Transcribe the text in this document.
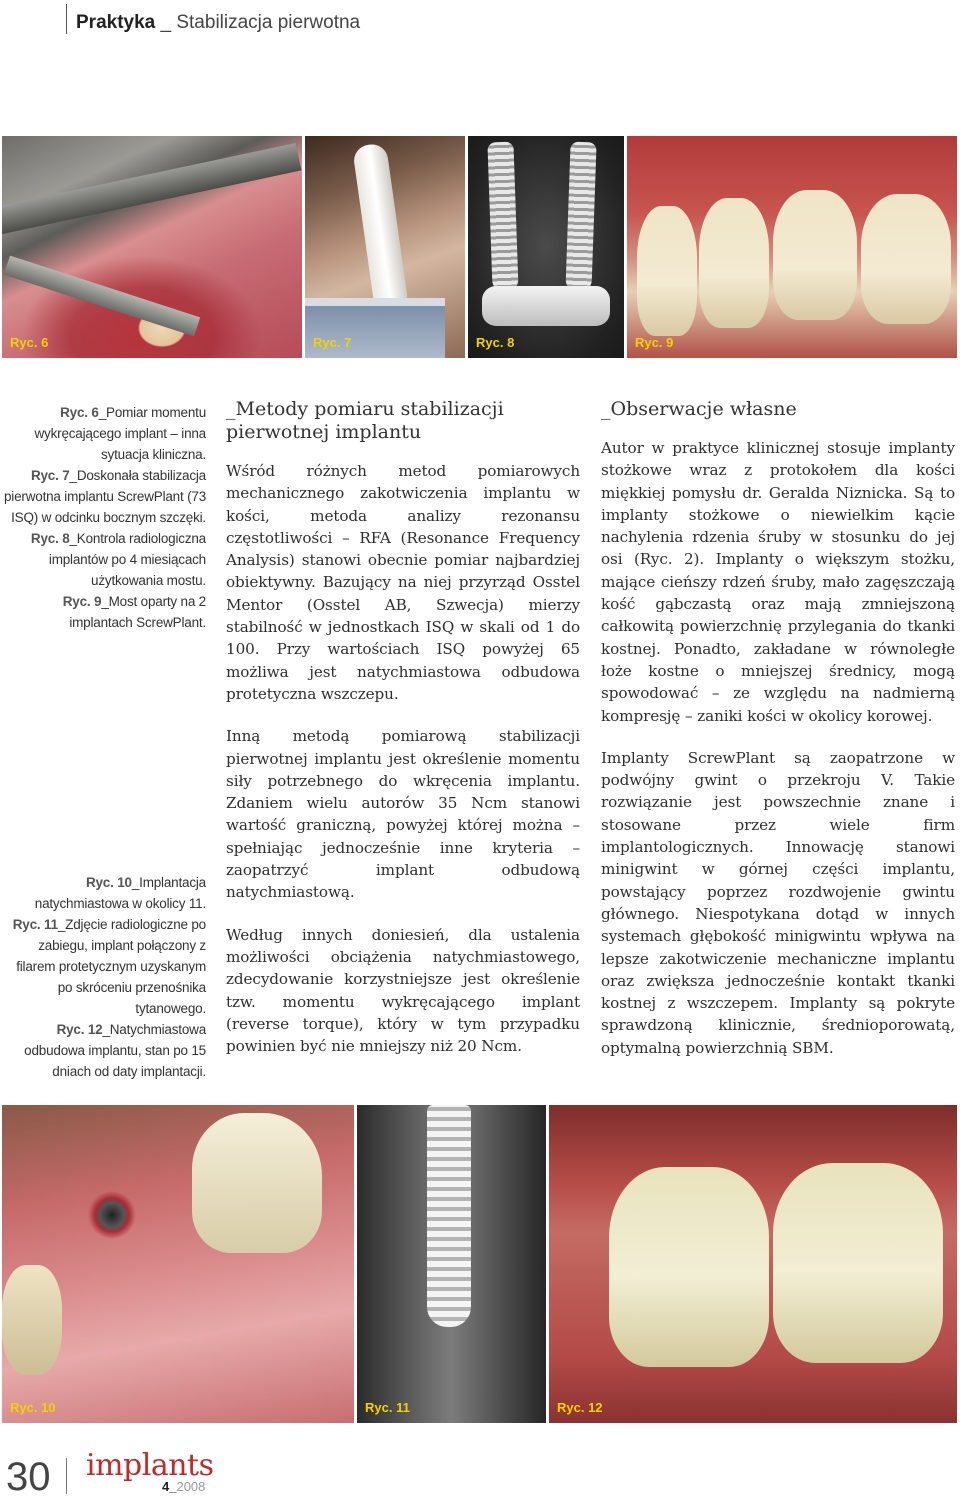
Praktyka _ Stabilizacja pierwotna
Ryc. 6	Ryc. 7	Ryc. 8	Ryc. 9
Ryc. 6_Pomiar momentu wykręcającego implant – inna sytuacja kliniczna.
Ryc. 7_Doskonała stabilizacja pierwotna implantu ScrewPlant (73 ISQ) w odcinku bocznym szczęki.
Ryc. 8_Kontrola radiologiczna implantów po 4 miesiącach użytkowania mostu.
Ryc. 9_Most oparty na 2 implantach ScrewPlant.
Ryc. 10_Implantacja natychmiastowa w okolicy 11.
Ryc. 11_Zdjęcie radiologiczne po zabiegu, implant połączony z filarem protetycznym uzyskanym po skróceniu przenośnika tytanowego.
Ryc. 12_Natychmiastowa odbudowa implantu, stan po 15 dniach od daty implantacji.
_Metody pomiaru stabilizacji pierwotnej implantu

Wśród różnych metod pomiarowych mechanicznego zakotwiczenia implantu w kości, metoda analizy rezonansu częstotliwości – RFA (Resonance Frequency Analysis) stanowi obecnie pomiar najbardziej obiektywny. Bazujący na niej przyrząd Osstel Mentor (Osstel AB, Szwecja) mierzy stabilność w jednostkach ISQ w skali od 1 do 100. Przy wartościach ISQ powyżej 65 możliwa jest natychmiastowa odbudowa protetyczna wszczepu.

Inną metodą pomiarową stabilizacji pierwotnej implantu jest określenie momentu siły potrzebnego do wkręcenia implantu. Zdaniem wielu autorów 35 Ncm stanowi wartość graniczną, powyżej której można – spełniając jednocześnie inne kryteria – zaopatrzyć implant odbudową natychmiastową.

Według innych doniesień, dla ustalenia możliwości obciążenia natychmiastowego, zdecydowanie korzystniejsze jest określenie tzw. momentu wykręcającego implant (reverse torque), który w tym przypadku powinien być nie mniejszy niż 20 Ncm.

_Obserwacje własne

Autor w praktyce klinicznej stosuje implanty stożkowe wraz z protokołem dla kości miękkiej pomysłu dr. Geralda Niznicka. Są to implanty stożkowe o niewielkim kącie nachylenia rdzenia śruby w stosunku do jej osi (Ryc. 2). Implanty o większym stożku, mające cieńszy rdzeń śruby, mało zagęszczają kość gąbczastą oraz mają zmniejszoną całkowitą powierzchnię przylegania do tkanki kostnej. Ponadto, zakładane w równoległe łoże kostne o mniejszej średnicy, mogą spowodować – ze względu na nadmierną kompresję – zaniki kości w okolicy korowej.

Implanty ScrewPlant są zaopatrzone w podwójny gwint o przekroju V. Takie rozwiązanie jest powszechnie znane i stosowane przez wiele firm implantologicznych. Innowację stanowi minigwint w górnej części implantu, powstający poprzez rozdwojenie gwintu głównego. Niespotykana dotąd w innych systemach głębokość minigwintu wpływa na lepsze zakotwiczenie mechaniczne implantu oraz zwiększa jednocześnie kontakt tkanki kostnej z wszczepem. Implanty są pokryte sprawdzoną klinicznie, średnioporowatą, optymalną powierzchnią SBM.

Ryc. 10	Ryc. 11	Ryc. 12
30 implants
4_2008
